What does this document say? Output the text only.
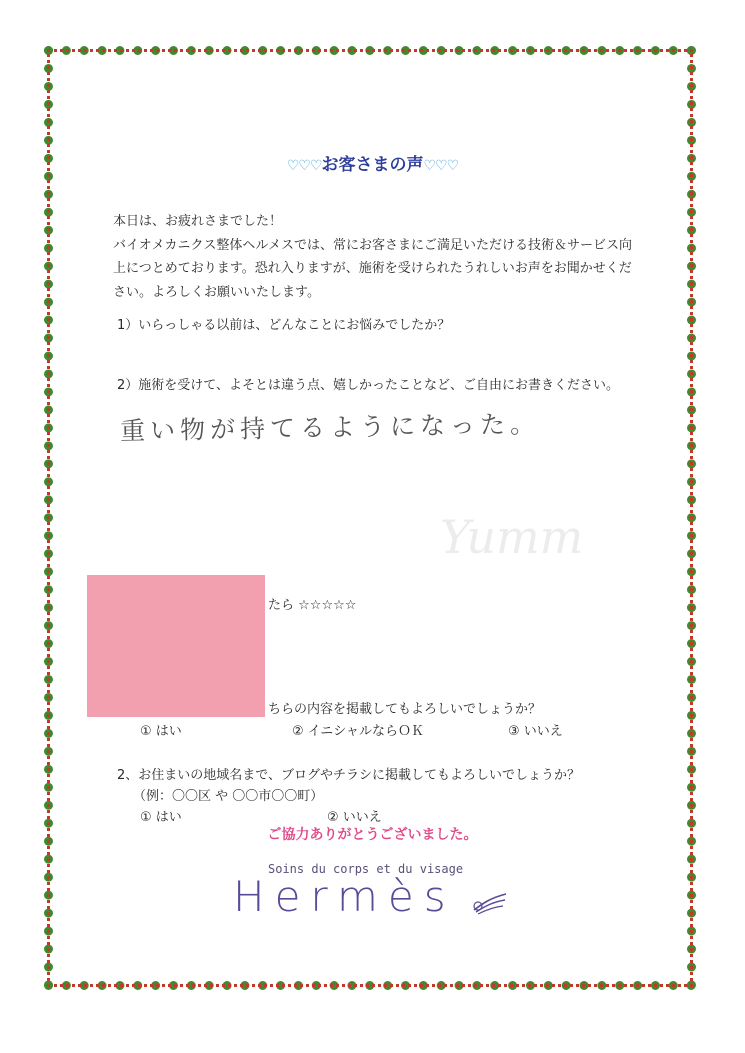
♡♡♡お客さまの声♡♡♡
本日は、お疲れさまでした！
バイオメカニクス整体ヘルメスでは、常にお客さまにご満足いただける技術＆サービス向
上につとめております。恐れ入りますが、施術を受けられたうれしいお声をお聞かせくだ
さい。よろしくお願いいたします。
1）いらっしゃる以前は、どんなことにお悩みでしたか？
2）施術を受けて、よそとは違う点、嬉しかったことなど、ご自由にお書きください。
重い物が持てるようになった。
Yumm
たら ☆☆☆☆☆
ちらの内容を掲載してもよろしいでしょうか？
① はい	② イニシャルならＯＫ	③ いいえ
2、お住まいの地域名まで、ブログやチラシに掲載してもよろしいでしょうか？
（例：〇〇区 や 〇〇市〇〇町）
① はい	② いいえ
ご協力ありがとうございました。
Soins du corps et du visage
Hermès
